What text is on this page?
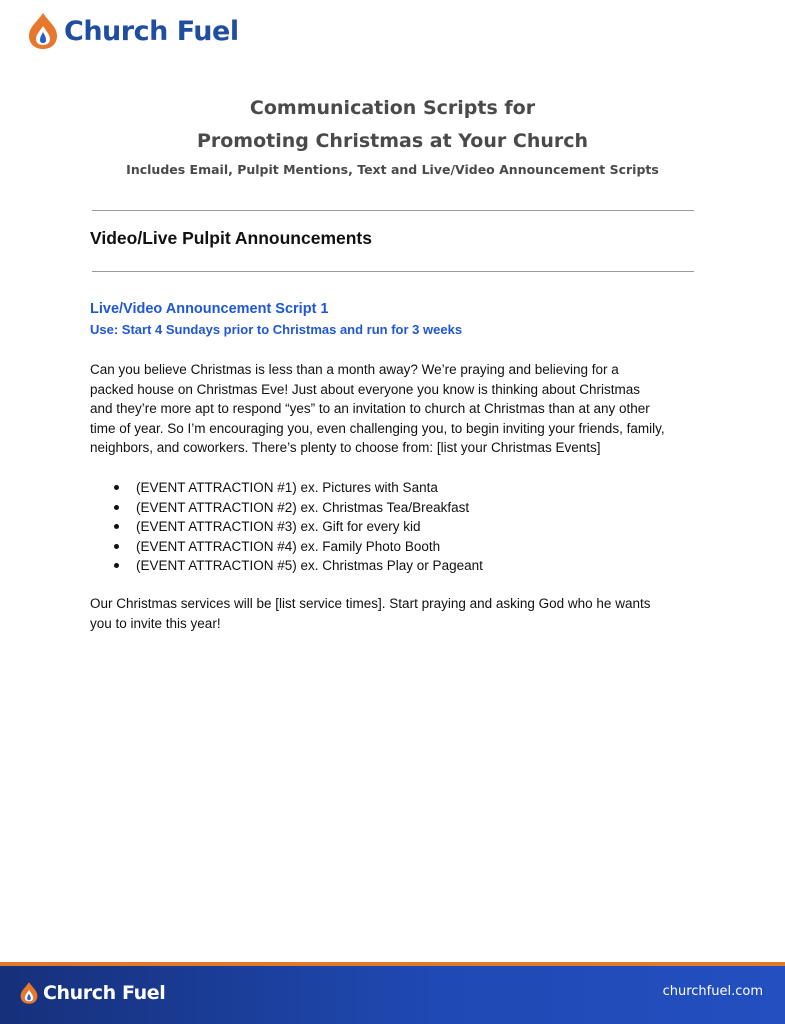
Church Fuel
Communication Scripts for
Promoting Christmas at Your Church
Includes Email, Pulpit Mentions, Text and Live/Video Announcement Scripts
Video/Live Pulpit Announcements
Live/Video Announcement Script 1
Use: Start 4 Sundays prior to Christmas and run for 3 weeks
Can you believe Christmas is less than a month away? We’re praying and believing for a
packed house on Christmas Eve! Just about everyone you know is thinking about Christmas
and they’re more apt to respond “yes” to an invitation to church at Christmas than at any other
time of year. So I’m encouraging you, even challenging you, to begin inviting your friends, family,
neighbors, and coworkers. There’s plenty to choose from: [list your Christmas Events]
(EVENT ATTRACTION #1) ex. Pictures with Santa
(EVENT ATTRACTION #2) ex. Christmas Tea/Breakfast
(EVENT ATTRACTION #3) ex. Gift for every kid
(EVENT ATTRACTION #4) ex. Family Photo Booth
(EVENT ATTRACTION #5) ex. Christmas Play or Pageant
Our Christmas services will be [list service times]. Start praying and asking God who he wants
you to invite this year!
Church Fuel	churchfuel.com
